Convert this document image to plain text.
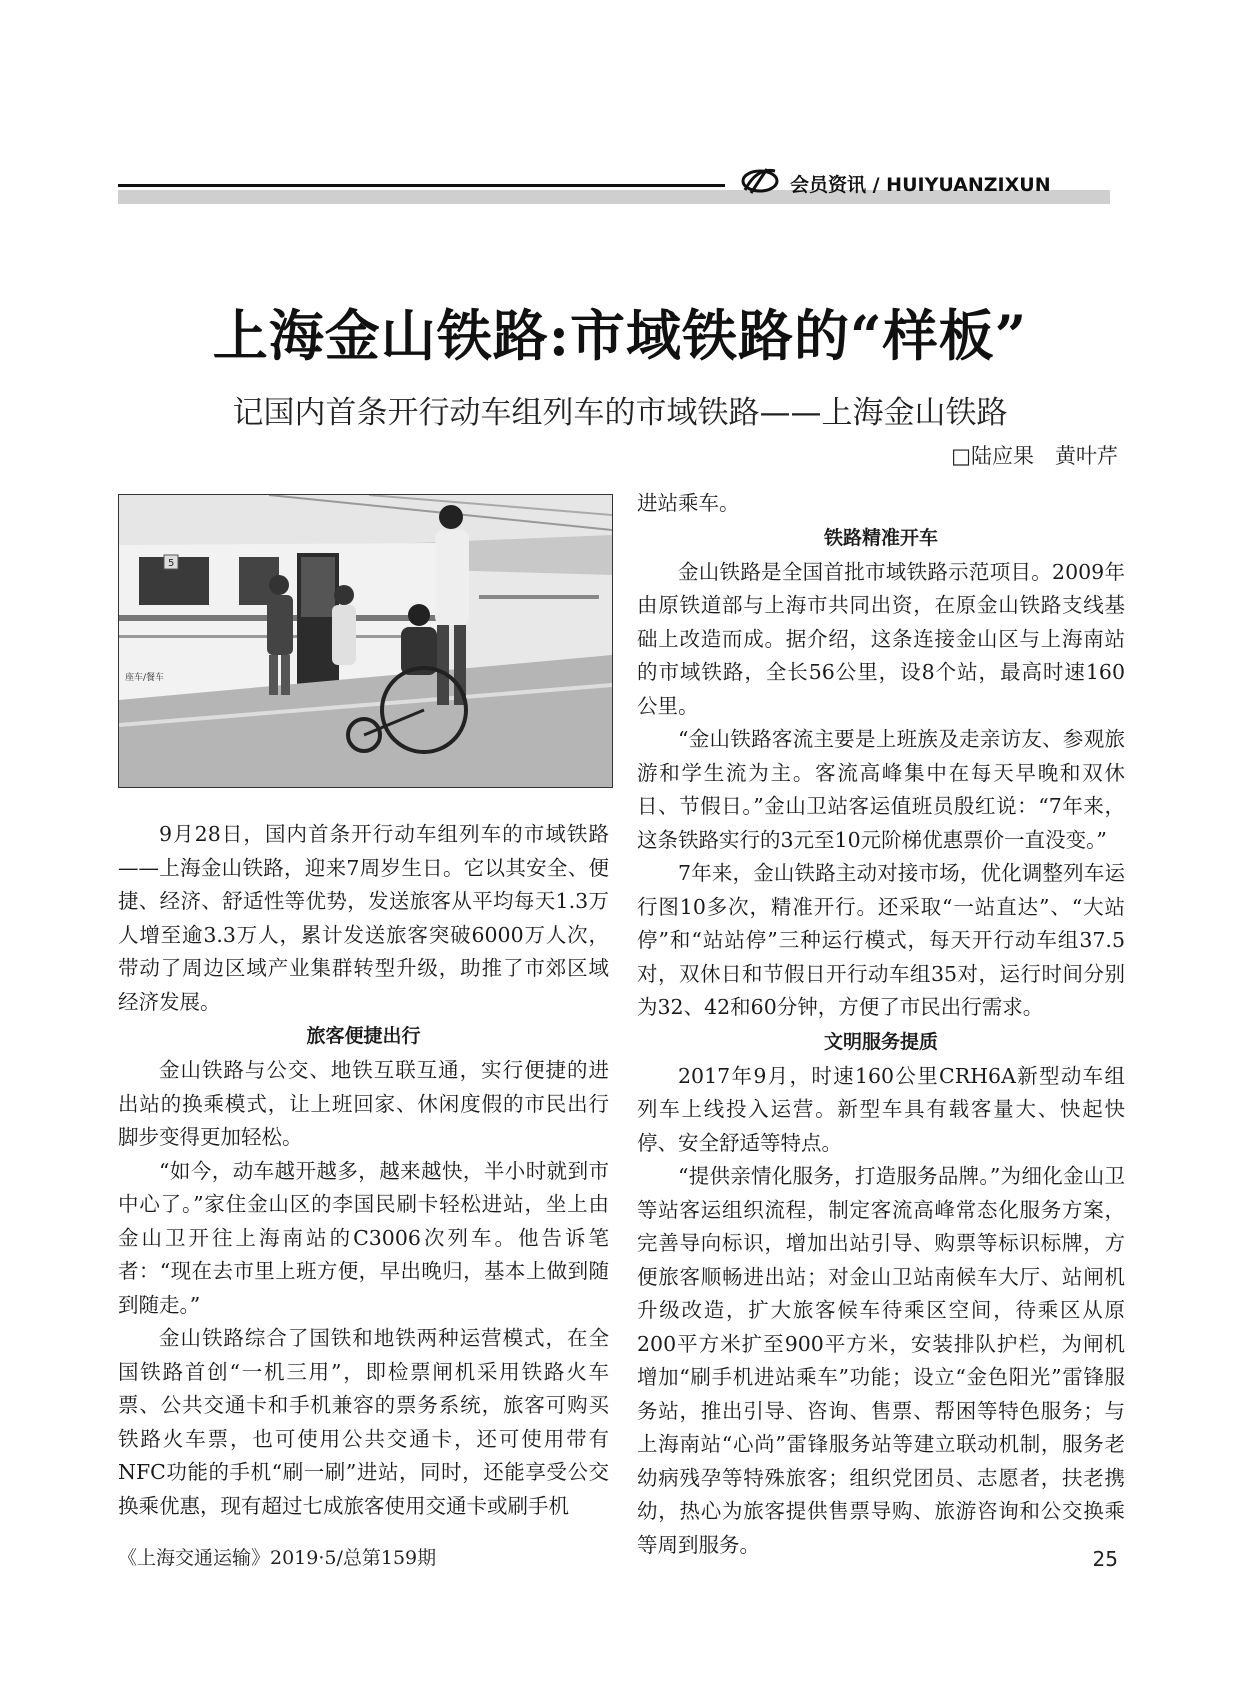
会员资讯 / HUIYUANZIXUN
上海金山铁路:市域铁路的“样板”
记国内首条开行动车组列车的市域铁路——上海金山铁路
□陆应果　黄叶芹
5
座车/餐车

9月28日，国内首条开行动车组列车的市域铁路——上海金山铁路，迎来7周岁生日。它以其安全、便捷、经济、舒适性等优势，发送旅客从平均每天1.3万人增至逾3.3万人，累计发送旅客突破6000万人次，带动了周边区域产业集群转型升级，助推了市郊区域经济发展。

旅客便捷出行

金山铁路与公交、地铁互联互通，实行便捷的进出站的换乘模式，让上班回家、休闲度假的市民出行脚步变得更加轻松。

“如今，动车越开越多，越来越快，半小时就到市中心了。”家住金山区的李国民刷卡轻松进站，坐上由金山卫开往上海南站的C3006次列车。他告诉笔者：“现在去市里上班方便，早出晚归，基本上做到随到随走。”

金山铁路综合了国铁和地铁两种运营模式，在全国铁路首创“一机三用”，即检票闸机采用铁路火车票、公共交通卡和手机兼容的票务系统，旅客可购买铁路火车票，也可使用公共交通卡，还可使用带有NFC功能的手机“刷一刷”进站，同时，还能享受公交换乘优惠，现有超过七成旅客使用交通卡或刷手机

进站乘车。

铁路精准开车

金山铁路是全国首批市域铁路示范项目。2009年由原铁道部与上海市共同出资，在原金山铁路支线基础上改造而成。据介绍，这条连接金山区与上海南站的市域铁路，全长56公里，设8个站，最高时速160公里。

“金山铁路客流主要是上班族及走亲访友、参观旅游和学生流为主。客流高峰集中在每天早晚和双休日、节假日。”金山卫站客运值班员殷红说：“7年来，这条铁路实行的3元至10元阶梯优惠票价一直没变。”

7年来，金山铁路主动对接市场，优化调整列车运行图10多次，精准开行。还采取“一站直达”、“大站停”和“站站停”三种运行模式，每天开行动车组37.5对，双休日和节假日开行动车组35对，运行时间分别为32、42和60分钟，方便了市民出行需求。

文明服务提质

2017年9月，时速160公里CRH6A新型动车组列车上线投入运营。新型车具有载客量大、快起快停、安全舒适等特点。

“提供亲情化服务，打造服务品牌。”为细化金山卫等站客运组织流程，制定客流高峰常态化服务方案，完善导向标识，增加出站引导、购票等标识标牌，方便旅客顺畅进出站；对金山卫站南候车大厅、站闸机升级改造，扩大旅客候车待乘区空间，待乘区从原200平方米扩至900平方米，安装排队护栏，为闸机增加“刷手机进站乘车”功能；设立“金色阳光”雷锋服务站，推出引导、咨询、售票、帮困等特色服务；与上海南站“心尚”雷锋服务站等建立联动机制，服务老幼病残孕等特殊旅客；组织党团员、志愿者，扶老携幼，热心为旅客提供售票导购、旅游咨询和公交换乘等周到服务。

《上海交通运输》2019·5/总第159期	25
